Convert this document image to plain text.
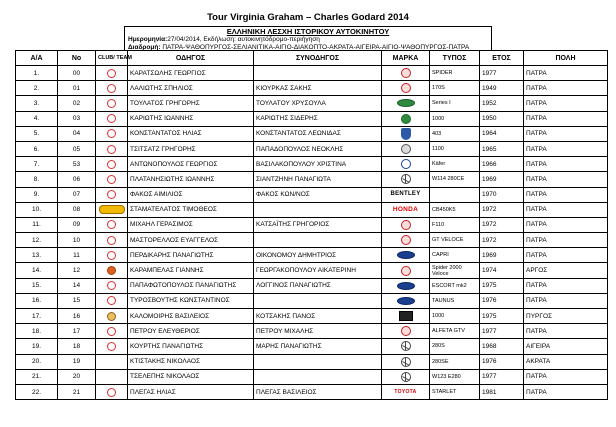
Tour Virginia Graham – Charles Godard 2014
ΕΛΛΗΝΙΚΗ ΛΕΣΧΗ ΙΣΤΟΡΙΚΟΥ ΑΥΤΟΚΙΝΗΤΟΥ
Ημερομηνία:27/04/2014, Εκδήλωση: αυτοκινητόδρομο-περιήγηση
Διαδρομή: ΠΑΤΡΑ-ΨΑΘΟΠΥΡΓΟΣ-ΣΕΛΙΑΝΙΤΙΚΑ-ΑΙΓΙΟ-ΔΙΑΚΟΠΤΟ-ΑΚΡΑΤΑ-ΑΙΓΕΙΡΑ-ΑΙΓΙΟ-ΨΑΘΟΠΥΡΓΟΣ-ΠΑΤΡΑ
Α/Α	Νο	CLUB/ TEAM	ΟΔΗΓΟΣ	ΣΥΝΟΔΗΓΟΣ	ΜΑΡΚΑ	ΤΥΠΟΣ	ΕΤΟΣ	ΠΟΛΗ
1.	00		ΚΑΡΑΤΣΩΛΗΣ ΓΕΩΡΓΙΟΣ			SPIDER	1977	ΠΑΤΡΑ
2.	01		ΛΑΛΙΩΤΗΣ ΣΠΗΛΙΟΣ	ΚΙΟΥΡΚΑΣ ΣΑΚΗΣ		170S	1949	ΠΑΤΡΑ
3.	02		ΤΟΥΛΑΤΟΣ ΓΡΗΓΟΡΗΣ	ΤΟΥΛΑΤΟΥ ΧΡΥΣΟΥΛΑ		Series I	1952	ΠΑΤΡΑ
4.	03		ΚΑΡΙΩΤΗΣ ΙΩΑΝΝΗΣ	ΚΑΡΙΩΤΗΣ ΣΙΔΕΡΗΣ		1000	1950	ΠΑΤΡΑ
5.	04		ΚΟΝΣΤΑΝΤΑΤΟΣ ΗΛΙΑΣ	ΚΟΝΣΤΑΝΤΑΤΟΣ ΛΕΩΝΙΔΑΣ		403	1964	ΠΑΤΡΑ
6.	05		ΤΣΙΤΣΑΤΖ ΓΡΗΓΟΡΗΣ	ΠΑΠΑΔΟΠΟΥΛΟΣ ΝΕΟΚΛΗΣ		1100	1965	ΠΑΤΡΑ
7.	53		ΑΝΤΩΝΟΠΟΥΛΟΣ ΓΕΩΡΓΙΟΣ	ΒΑΣΙΛΑΚΟΠΟΥΛΟΥ ΧΡΙΣΤΙΝΑ		Käfer	1966	ΠΑΤΡΑ
8.	06		ΠΛΑΤΑΝΗΣΙΩΤΗΣ ΙΩΑΝΝΗΣ	ΣΙΑΝΤΖΗΝΗ ΠΑΝΑΓΙΩΤΑ		W114 280CE	1969	ΠΑΤΡΑ
9.	07		ΦΑΚΟΣ ΑΙΜΙΛΙΟΣ	ΦΑΚΟΣ ΚΩΝ/ΝΟΣ	BENTLEY		1970	ΠΑΤΡΑ
10.	08		ΣΤΑΜΑΤΕΛΑΤΟΣ ΤΙΜΟΘΕΟΣ		HONDA	CB450K5	1972	ΠΑΤΡΑ
11.	09		ΜΙΧΑΗΛ ΓΕΡΑΣΙΜΟΣ	ΚΑΤΣΑΪΤΗΣ ΓΡΗΓΟΡΙΟΣ		F110	1972	ΠΑΤΡΑ
12.	10		ΜΑΣΤΟΡΕΛΛΟΣ ΕΥΑΓΓΕΛΟΣ			GT VELOCE	1972	ΠΑΤΡΑ
13.	11		ΠΕΡΔΙΚΑΡΗΣ ΠΑΝΑΓΙΩΤΗΣ	ΟΙΚΟΝΟΜΟΥ ΔΗΜΗΤΡΙΟΣ		CAPRI	1969	ΠΑΤΡΑ
14.	12		ΚΑΡΑΜΠΕΛΑΣ ΓΙΑΝΝΗΣ	ΓΕΩΡΓΑΚΟΠΟΥΛΟΥ ΑΙΚΑΤΕΡΙΝΗ		Spider 2000 Veloce	1974	ΑΡΓΟΣ
15.	14		ΠΑΠΑΦΩΤΟΠΟΥΛΟΣ ΠΑΝΑΓΙΩΤΗΣ	ΛΟΓΓΙΝΟΣ ΠΑΝΑΓΙΩΤΗΣ		ESCORT mk2	1975	ΠΑΤΡΑ
16.	15		ΤΥΡΟΣΒΟΥΤΗΣ ΚΩΝΣΤΑΝΤΙΝΟΣ			TAUNUS	1976	ΠΑΤΡΑ
17.	16		ΚΑΛΟΜΟΙΡΗΣ ΒΑΣΙΛΕΙΟΣ	ΚΟΤΣΑΚΗΣ ΠΑΝΟΣ		1000	1975	ΠΥΡΓΟΣ
18.	17		ΠΕΤΡΟΥ ΕΛΕΥΘΕΡΙΟΣ	ΠΕΤΡΟΥ ΜΙΧΑΛΗΣ		ALFETA GTV	1977	ΠΑΤΡΑ
19.	18		ΚΟΥΡΤΗΣ ΠΑΝΑΓΙΩΤΗΣ	ΜΑΡΗΣ ΠΑΝΑΓΙΩΤΗΣ		280S	1968	ΑΙΓΕΙΡΑ
20.	19		ΚΤΙΣΤΑΚΗΣ ΝΙΚΟΛΑΟΣ			280SE	1976	ΑΚΡΑΤΑ
21.	20		ΤΣΕΛΕΠΗΣ ΝΙΚΟΛΑΟΣ			W123 E280	1977	ΠΑΤΡΑ
22.	21		ΠΛΕΓΑΣ ΗΛΙΑΣ	ΠΛΕΓΑΣ ΒΑΣΙΛΕΙΟΣ	TOYOTA	STARLET	1981	ΠΑΤΡΑ
